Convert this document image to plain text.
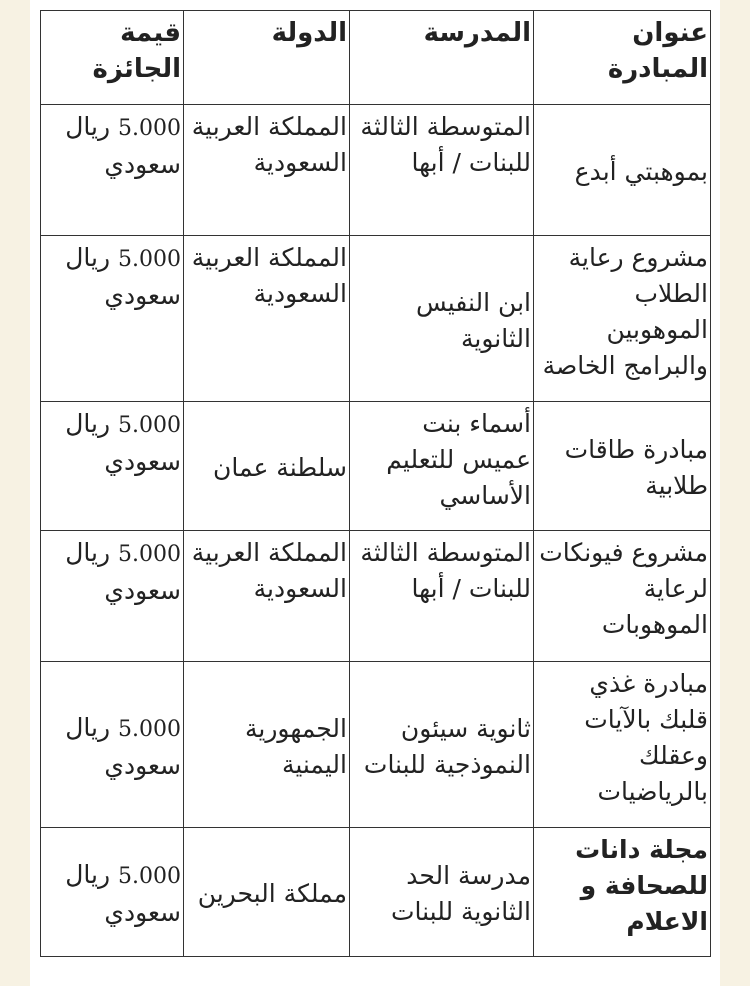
عنوان المبادرة	المدرسة	الدولة	قيمة الجائزة
بموهبتي أبدع	المتوسطة الثالثة للبنات / أبها	المملكة العربية السعودية	5.000 ريال سعودي
مشروع رعاية الطلاب الموهوبين والبرامج الخاصة	ابن النفيس الثانوية	المملكة العربية السعودية	5.000 ريال سعودي
مبادرة طاقات طلابية	أسماء بنت عميس للتعليم الأساسي	سلطنة عمان	5.000 ريال سعودي
مشروع فيونكات لرعاية الموهوبات	المتوسطة الثالثة للبنات / أبها	المملكة العربية السعودية	5.000 ريال سعودي
مبادرة غذي قلبك بالآيات وعقلك بالرياضيات	ثانوية سيئون النموذجية للبنات	الجمهورية اليمنية	5.000 ريال سعودي
مجلة دانات للصحافة و الاعلام	مدرسة الحد الثانوية للبنات	مملكة البحرين	5.000 ريال سعودي
